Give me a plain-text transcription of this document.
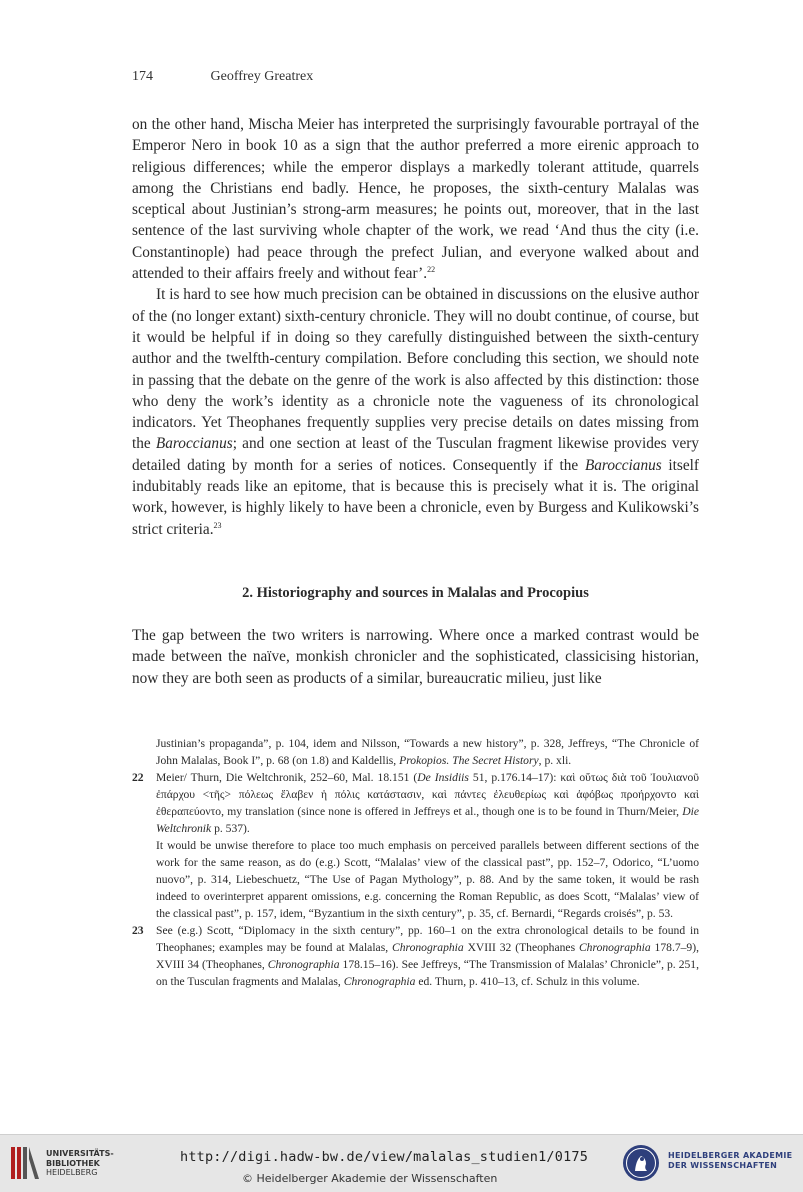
174	Geoffrey Greatrex

on the other hand, Mischa Meier has interpreted the surprisingly favourable portrayal of the Emperor Nero in book 10 as a sign that the author preferred a more eirenic approach to religious differences; while the emperor displays a markedly tolerant attitude, quarrels among the Christians end badly. Hence, he proposes, the sixth-century Malalas was sceptical about Justinian’s strong-arm measures; he points out, moreover, that in the last sentence of the last surviving whole chapter of the work, we read ‘And thus the city (i.e. Constantinople) had peace through the prefect Julian, and everyone walked about and attended to their affairs freely and without fear’.$^{22}$

It is hard to see how much precision can be obtained in discussions on the elusive author of the (no longer extant) sixth-century chronicle. They will no doubt continue, of course, but it would be helpful if in doing so they carefully distinguished between the sixth-century author and the twelfth-century compilation. Before concluding this section, we should note in passing that the debate on the genre of the work is also affected by this distinction: those who deny the work’s identity as a chronicle note the vagueness of its chronological indicators. Yet Theophanes frequently supplies very precise details on dates missing from the Baroccianus; and one section at least of the Tusculan fragment likewise provides very detailed dating by month for a series of notices. Consequently if the Baroccianus itself indubitably reads like an epitome, that is because this is precisely what it is. The original work, however, is highly likely to have been a chronicle, even by Burgess and Kulikowski’s strict criteria.$^{23}$

2. Historiography and sources in Malalas and Procopius

The gap between the two writers is narrowing. Where once a marked contrast would be made between the naïve, monkish chronicler and the sophisticated, classicising historian, now they are both seen as products of a similar, bureaucratic milieu, just like

Justinian’s propaganda”, p. 104, idem and Nilsson, “Towards a new history”, p. 328, Jeffreys, “The Chronicle of John Malalas, Book I”, p. 68 (on 1.8) and Kaldellis, Prokopios. The Secret History, p. xli.

22 Meier/ Thurn, Die Weltchronik, 252–60, Mal. 18.151 (De Insidiis 51, p.176.14–17): καὶ οὕτως διὰ τοῦ Ἰουλιανοῦ ἐπάρχου <τῆς> πόλεως ἔλαβεν ἡ πόλις κατάστασιν, καὶ πάντες ἐλευθερίως καὶ ἀφόβως προήρχοντο καὶ ἐθεραπεύοντο, my translation (since none is offered in Jeffreys et al., though one is to be found in Thurn/Meier, Die Weltchronik p. 537).

It would be unwise therefore to place too much emphasis on perceived parallels between different sections of the work for the same reason, as do (e.g.) Scott, “Malalas’ view of the classical past”, pp. 152–7, Odorico, “L’uomo nuovo”, p. 314, Liebeschuetz, “The Use of Pagan Mythology”, p. 88. And by the same token, it would be rash indeed to overinterpret apparent omissions, e.g. concerning the Roman Republic, as does Scott, “Malalas’ view of the classical past”, p. 157, idem, “Byzantium in the sixth century”, p. 35, cf. Bernardi, “Regards croisés”, p. 53.

23 See (e.g.) Scott, “Diplomacy in the sixth century”, pp. 160–1 on the extra chronological details to be found in Theophanes; examples may be found at Malalas, Chronographia XVIII 32 (Theophanes Chronographia 178.7–9), XVIII 34 (Theophanes, Chronographia 178.15–16). See Jeffreys, “The Transmission of Malalas’ Chronicle”, p. 251, on the Tusculan fragments and Malalas, Chronographia ed. Thurn, p. 410–13, cf. Schulz in this volume.

UNIVERSITÄTS-
BIBLIOTHEK
HEIDELBERG
http://digi.hadw-bw.de/view/malalas_studien1/0175
© Heidelberger Akademie der Wissenschaften
HEIDELBERGER AKADEMIE
DER WISSENSCHAFTEN
